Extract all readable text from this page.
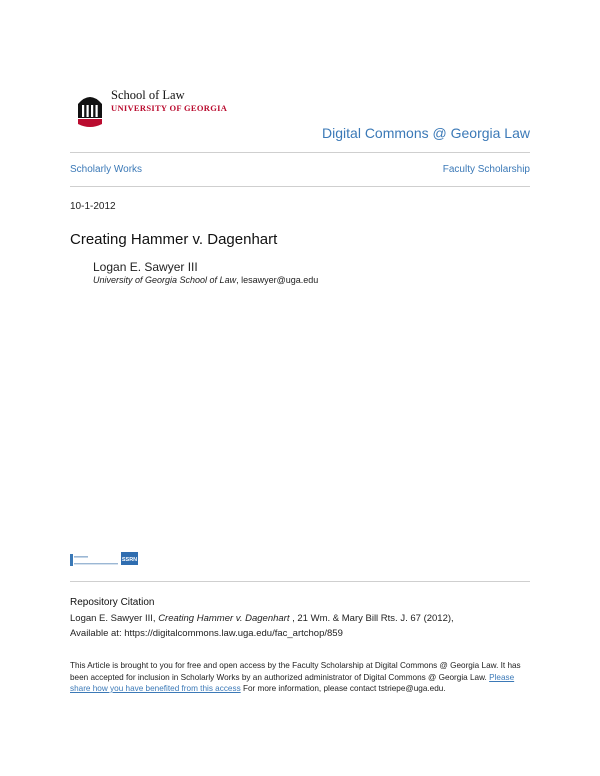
School of Law
UNIVERSITY OF GEORGIA
Digital Commons @ Georgia Law
Scholarly Works	Faculty Scholarship
10-1-2012
Creating Hammer v. Dagenhart
Logan E. Sawyer III
University of Georgia School of Law, lesawyer@uga.edu
SSRN
Repository Citation
Logan E. Sawyer III, Creating Hammer v. Dagenhart , 21 Wm. & Mary Bill Rts. J. 67 (2012),
Available at: https://digitalcommons.law.uga.edu/fac_artchop/859
This Article is brought to you for free and open access by the Faculty Scholarship at Digital Commons @ Georgia Law. It has been accepted for inclusion in Scholarly Works by an authorized administrator of Digital Commons @ Georgia Law. Please share how you have benefited from this access For more information, please contact tstriepe@uga.edu.
